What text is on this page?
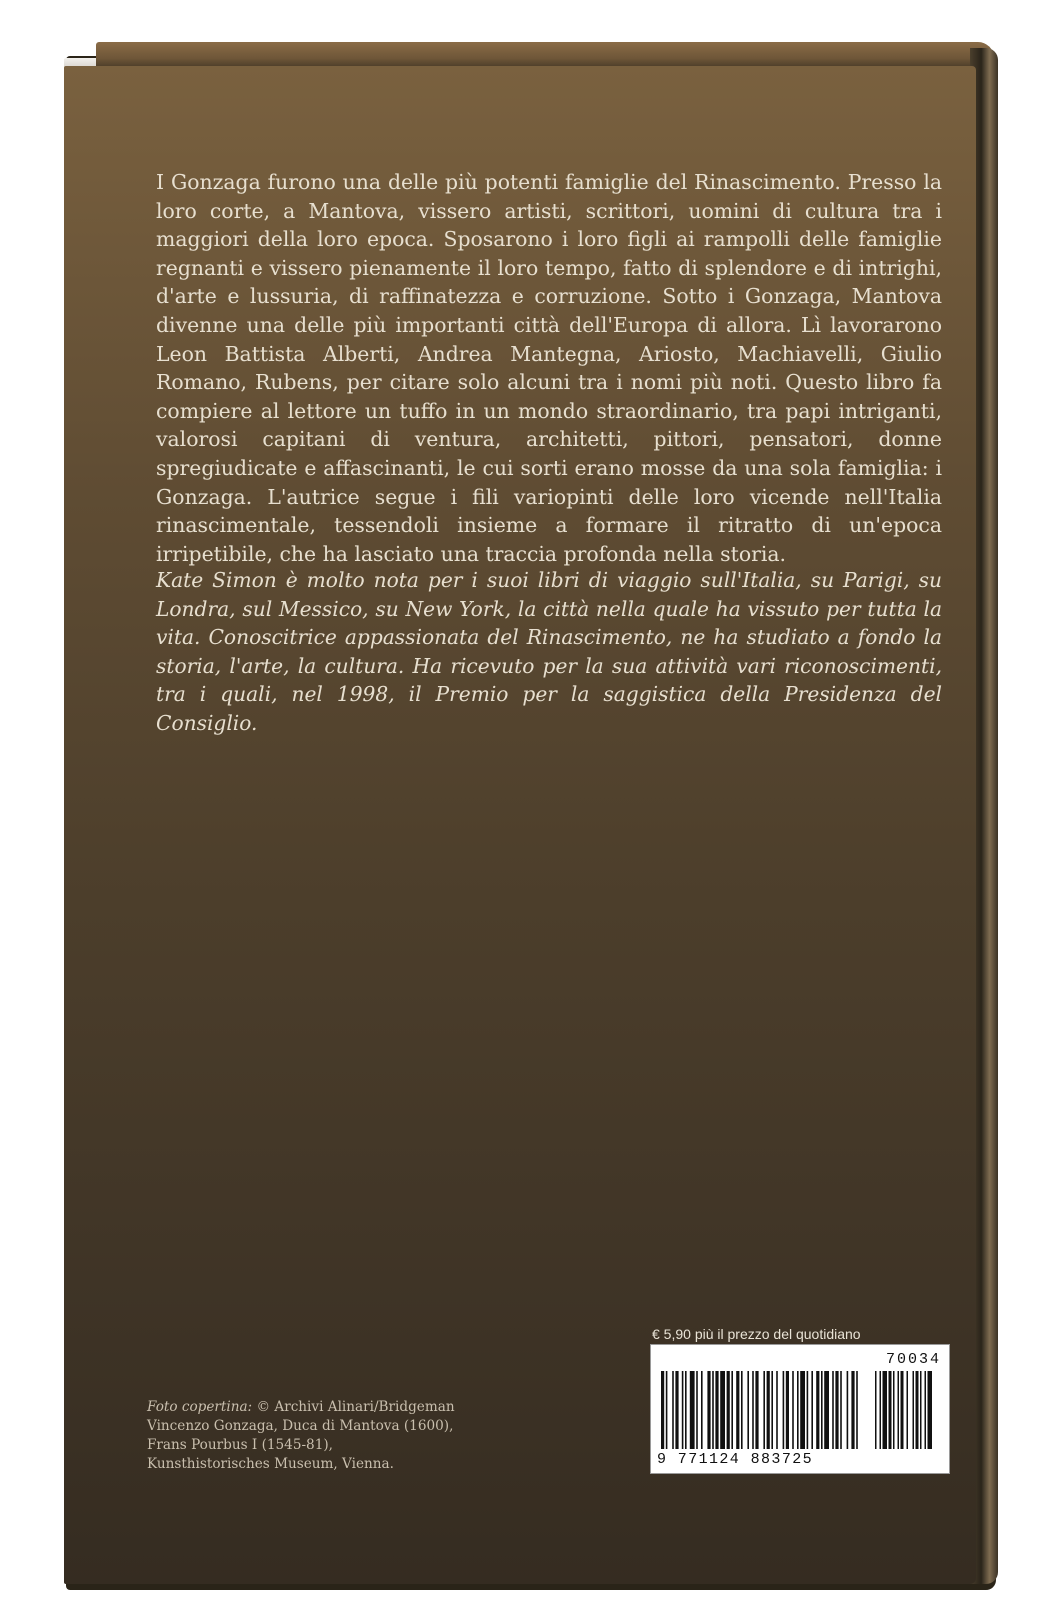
I Gonzaga furono una delle più potenti famiglie del Rinascimento. Presso la loro corte, a Mantova, vissero artisti, scrittori, uomini di cultura tra i maggiori della loro epoca. Sposarono i loro figli ai rampolli delle famiglie regnanti e vissero pienamente il loro tempo, fatto di splendore e di intrighi, d'arte e lussuria, di raffinatezza e corruzione. Sotto i Gonzaga, Mantova divenne una delle più importanti città dell'Europa di allora. Lì lavorarono Leon Battista Alberti, Andrea Mantegna, Ariosto, Machiavelli, Giulio Romano, Rubens, per citare solo alcuni tra i nomi più noti. Questo libro fa compiere al lettore un tuffo in un mondo straordinario, tra papi intriganti, valorosi capitani di ventura, architetti, pittori, pensatori, donne spregiudicate e affascinanti, le cui sorti erano mosse da una sola famiglia: i Gonzaga. L'autrice segue i fili variopinti delle loro vicende nell'Italia rinascimentale, tessendoli insieme a formare il ritratto di un'epoca irripetibile, che ha lasciato una traccia profonda nella storia.

Kate Simon è molto nota per i suoi libri di viaggio sull'Italia, su Parigi, su Londra, sul Messico, su New York, la città nella quale ha vissuto per tutta la vita. Conoscitrice appassionata del Rinascimento, ne ha studiato a fondo la storia, l'arte, la cultura. Ha ricevuto per la sua attività vari riconoscimenti, tra i quali, nel 1998, il Premio per la saggistica della Presidenza del Consiglio.

Foto copertina: © Archivi Alinari/Bridgeman
Vincenzo Gonzaga, Duca di Mantova (1600),
Frans Pourbus I (1545-81),
Kunsthistorisches Museum, Vienna.
€ 5,90 più il prezzo del quotidiano
70034
9 771124 883725
